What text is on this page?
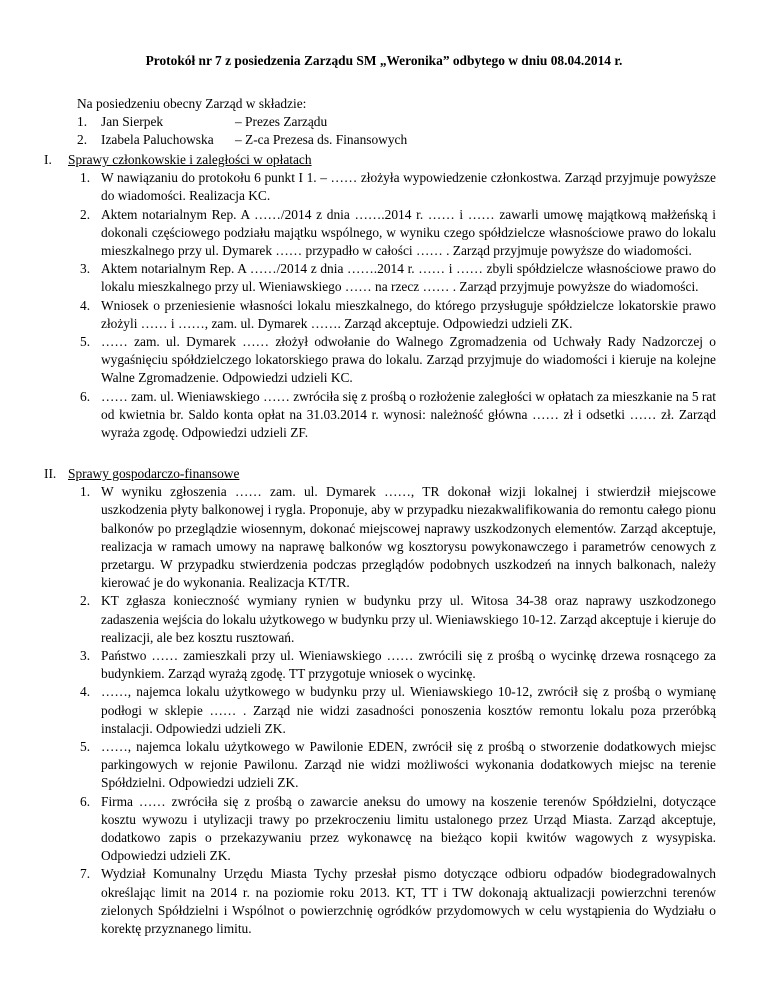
Protokół nr 7 z posiedzenia Zarządu SM „Weronika” odbytego w dniu 08.04.2014 r.
Na posiedzeniu obecny Zarząd w składzie:
1.	Jan Sierpek	– Prezes Zarządu
2.	Izabela Paluchowska	– Z-ca Prezesa ds. Finansowych
I.	Sprawy członkowskie i zaległości w opłatach
1. W nawiązaniu do protokołu 6 punkt I 1. – …… złożyła wypowiedzenie członkostwa. Zarząd przyjmuje powyższe do wiadomości. Realizacja KC.
2. Aktem notarialnym Rep. A ……/2014 z dnia …….2014 r. …… i …… zawarli umowę majątkową małżeńską i dokonali częściowego podziału majątku wspólnego, w wyniku czego spółdzielcze własnościowe prawo do lokalu mieszkalnego przy ul. Dymarek …… przypadło w całości …… . Zarząd przyjmuje powyższe do wiadomości.
3. Aktem notarialnym Rep. A ……/2014 z dnia …….2014 r. …… i …… zbyli spółdzielcze własnościowe prawo do lokalu mieszkalnego przy ul. Wieniawskiego …… na rzecz …… . Zarząd przyjmuje powyższe do wiadomości.
4. Wniosek o przeniesienie własności lokalu mieszkalnego, do którego przysługuje spółdzielcze lokatorskie prawo złożyli …… i ……, zam. ul. Dymarek ……. Zarząd akceptuje. Odpowiedzi udzieli ZK.
5. …… zam. ul. Dymarek …… złożył odwołanie do Walnego Zgromadzenia od Uchwały Rady Nadzorczej o wygaśnięciu spółdzielczego lokatorskiego prawa do lokalu. Zarząd przyjmuje do wiadomości i kieruje na kolejne Walne Zgromadzenie. Odpowiedzi udzieli KC.
6. …… zam. ul. Wieniawskiego …… zwróciła się z prośbą o rozłożenie zaległości w opłatach za mieszkanie na 5 rat od kwietnia br. Saldo konta opłat na 31.03.2014 r. wynosi: należność główna …… zł i odsetki …… zł. Zarząd wyraża zgodę. Odpowiedzi udzieli ZF.
II. Sprawy gospodarczo-finansowe
1. W wyniku zgłoszenia …… zam. ul. Dymarek ……, TR dokonał wizji lokalnej i stwierdził miejscowe uszkodzenia płyty balkonowej i rygla. Proponuje, aby w przypadku niezakwalifikowania do remontu całego pionu balkonów po przeglądzie wiosennym, dokonać miejscowej naprawy uszkodzonych elementów. Zarząd akceptuje, realizacja w ramach umowy na naprawę balkonów wg kosztorysu powykonawczego i parametrów cenowych z przetargu. W przypadku stwierdzenia podczas przeglądów podobnych uszkodzeń na innych balkonach, należy kierować je do wykonania. Realizacja KT/TR.
2. KT zgłasza konieczność wymiany rynien w budynku przy ul. Witosa 34-38 oraz naprawy uszkodzonego zadaszenia wejścia do lokalu użytkowego w budynku przy ul. Wieniawskiego 10-12. Zarząd akceptuje i kieruje do realizacji, ale bez kosztu rusztowań.
3. Państwo …… zamieszkali przy ul. Wieniawskiego …… zwrócili się z prośbą o wycinkę drzewa rosnącego za budynkiem. Zarząd wyrażą zgodę. TT przygotuje wniosek o wycinkę.
4. ……, najemca lokalu użytkowego w budynku przy ul. Wieniawskiego 10-12, zwrócił się z prośbą o wymianę podłogi w sklepie …… . Zarząd nie widzi zasadności ponoszenia kosztów remontu lokalu poza przeróbką instalacji. Odpowiedzi udzieli ZK.
5. ……, najemca lokalu użytkowego w Pawilonie EDEN, zwrócił się z prośbą o stworzenie dodatkowych miejsc parkingowych w rejonie Pawilonu. Zarząd nie widzi możliwości wykonania dodatkowych miejsc na terenie Spółdzielni. Odpowiedzi udzieli ZK.
6. Firma …… zwróciła się z prośbą o zawarcie aneksu do umowy na koszenie terenów Spółdzielni, dotyczące kosztu wywozu i utylizacji trawy po przekroczeniu limitu ustalonego przez Urząd Miasta. Zarząd akceptuje, dodatkowo zapis o przekazywaniu przez wykonawcę na bieżąco kopii kwitów wagowych z wysypiska. Odpowiedzi udzieli ZK.
7. Wydział Komunalny Urzędu Miasta Tychy przesłał pismo dotyczące odbioru odpadów biodegradowalnych określając limit na 2014 r. na poziomie roku 2013. KT, TT i TW dokonają aktualizacji powierzchni terenów zielonych Spółdzielni i Wspólnot o powierzchnię ogródków przydomowych w celu wystąpienia do Wydziału o korektę przyznanego limitu.
